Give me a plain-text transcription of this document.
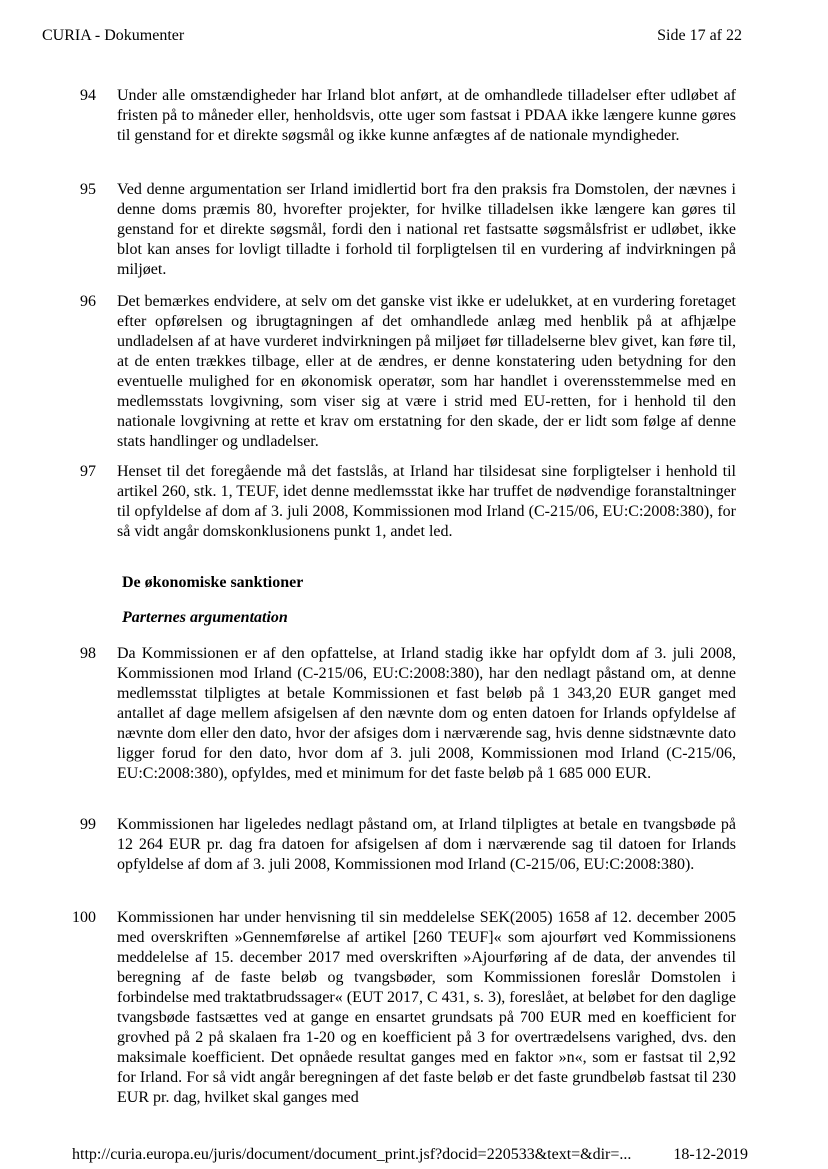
CURIA - Dokumenter	Side 17 af 22
94 Under alle omstændigheder har Irland blot anført, at de omhandlede tilladelser efter udløbet af fristen på to måneder eller, henholdsvis, otte uger som fastsat i PDAA ikke længere kunne gøres til genstand for et direkte søgsmål og ikke kunne anfægtes af de nationale myndigheder.
95 Ved denne argumentation ser Irland imidlertid bort fra den praksis fra Domstolen, der nævnes i denne doms præmis 80, hvorefter projekter, for hvilke tilladelsen ikke længere kan gøres til genstand for et direkte søgsmål, fordi den i national ret fastsatte søgsmålsfrist er udløbet, ikke blot kan anses for lovligt tilladte i forhold til forpligtelsen til en vurdering af indvirkningen på miljøet.
96 Det bemærkes endvidere, at selv om det ganske vist ikke er udelukket, at en vurdering foretaget efter opførelsen og ibrugtagningen af det omhandlede anlæg med henblik på at afhjælpe undladelsen af at have vurderet indvirkningen på miljøet før tilladelserne blev givet, kan føre til, at de enten trækkes tilbage, eller at de ændres, er denne konstatering uden betydning for den eventuelle mulighed for en økonomisk operatør, som har handlet i overensstemmelse med en medlemsstats lovgivning, som viser sig at være i strid med EU-retten, for i henhold til den nationale lovgivning at rette et krav om erstatning for den skade, der er lidt som følge af denne stats handlinger og undladelser.
97 Henset til det foregående må det fastslås, at Irland har tilsidesat sine forpligtelser i henhold til artikel 260, stk. 1, TEUF, idet denne medlemsstat ikke har truffet de nødvendige foranstaltninger til opfyldelse af dom af 3. juli 2008, Kommissionen mod Irland (C-215/06, EU:C:2008:380), for så vidt angår domskonklusionens punkt 1, andet led.
De økonomiske sanktioner
Parternes argumentation
98 Da Kommissionen er af den opfattelse, at Irland stadig ikke har opfyldt dom af 3. juli 2008, Kommissionen mod Irland (C-215/06, EU:C:2008:380), har den nedlagt påstand om, at denne medlemsstat tilpligtes at betale Kommissionen et fast beløb på 1 343,20 EUR ganget med antallet af dage mellem afsigelsen af den nævnte dom og enten datoen for Irlands opfyldelse af nævnte dom eller den dato, hvor der afsiges dom i nærværende sag, hvis denne sidstnævnte dato ligger forud for den dato, hvor dom af 3. juli 2008, Kommissionen mod Irland (C-215/06, EU:C:2008:380), opfyldes, med et minimum for det faste beløb på 1 685 000 EUR.
99 Kommissionen har ligeledes nedlagt påstand om, at Irland tilpligtes at betale en tvangsbøde på 12 264 EUR pr. dag fra datoen for afsigelsen af dom i nærværende sag til datoen for Irlands opfyldelse af dom af 3. juli 2008, Kommissionen mod Irland (C-215/06, EU:C:2008:380).
100 Kommissionen har under henvisning til sin meddelelse SEK(2005) 1658 af 12. december 2005 med overskriften »Gennemførelse af artikel [260 TEUF]« som ajourført ved Kommissionens meddelelse af 15. december 2017 med overskriften »Ajourføring af de data, der anvendes til beregning af de faste beløb og tvangsbøder, som Kommissionen foreslår Domstolen i forbindelse med traktatbrudssager« (EUT 2017, C 431, s. 3), foreslået, at beløbet for den daglige tvangsbøde fastsættes ved at gange en ensartet grundsats på 700 EUR med en koefficient for grovhed på 2 på skalaen fra 1-20 og en koefficient på 3 for overtrædelsens varighed, dvs. den maksimale koefficient. Det opnåede resultat ganges med en faktor »n«, som er fastsat til 2,92 for Irland. For så vidt angår beregningen af det faste beløb er det faste grundbeløb fastsat til 230 EUR pr. dag, hvilket skal ganges med
http://curia.europa.eu/juris/document/document_print.jsf?docid=220533&text=&dir=...	18-12-2019
